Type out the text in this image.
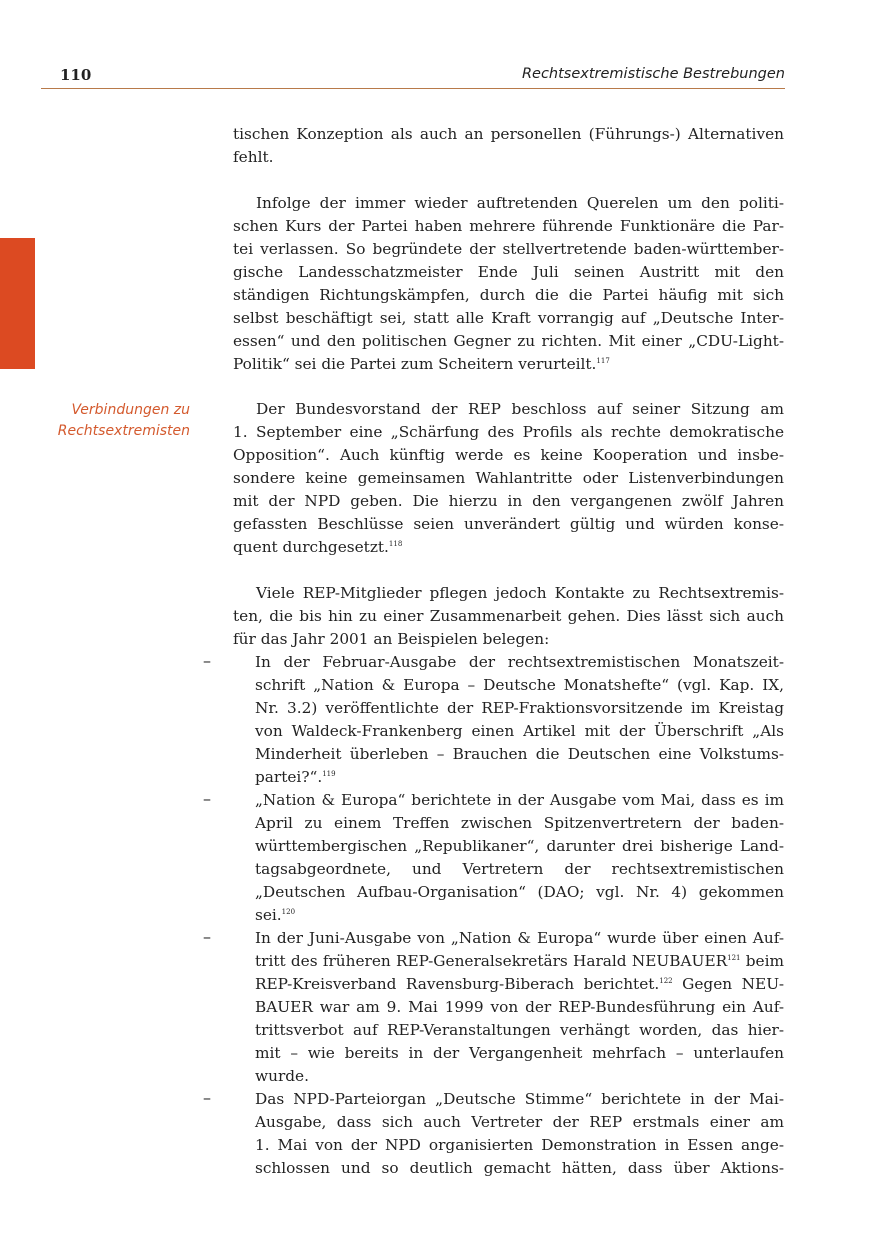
110	Rechtsextremistische Bestrebungen
Verbindungen zu
Rechtsextremisten
tischen Konzeption als auch an personellen (Führungs-) Alternativen
fehlt.
Infolge der immer wieder auftretenden Querelen um den politi-
schen Kurs der Partei haben mehrere führende Funktionäre die Par-
tei verlassen. So begründete der stellvertretende baden-württember-
gische Landesschatzmeister Ende Juli seinen Austritt mit den
ständigen Richtungskämpfen, durch die die Partei häufig mit sich
selbst beschäftigt sei, statt alle Kraft vorrangig auf „Deutsche Inter-
essen“ und den politischen Gegner zu richten. Mit einer „CDU-Light-
Politik“ sei die Partei zum Scheitern verurteilt.$^{117}$
Der Bundesvorstand der REP beschloss auf seiner Sitzung am
1. September eine „Schärfung des Profils als rechte demokratische
Opposition“. Auch künftig werde es keine Kooperation und insbe-
sondere keine gemeinsamen Wahlantritte oder Listenverbindungen
mit der NPD geben. Die hierzu in den vergangenen zwölf Jahren
gefassten Beschlüsse seien unverändert gültig und würden konse-
quent durchgesetzt.$^{118}$
Viele REP-Mitglieder pflegen jedoch Kontakte zu Rechtsextremis-
ten, die bis hin zu einer Zusammenarbeit gehen. Dies lässt sich auch
für das Jahr 2001 an Beispielen belegen:
–	In der Februar-Ausgabe der rechtsextremistischen Monatszeit-
schrift „Nation & Europa – Deutsche Monatshefte“ (vgl. Kap. IX,
Nr. 3.2) veröffentlichte der REP-Fraktionsvorsitzende im Kreistag
von Waldeck-Frankenberg einen Artikel mit der Überschrift „Als
Minderheit überleben – Brauchen die Deutschen eine Volkstums-
partei?“.$^{119}$
–	„Nation & Europa“ berichtete in der Ausgabe vom Mai, dass es im
April zu einem Treffen zwischen Spitzenvertretern der baden-
württembergischen „Republikaner“, darunter drei bisherige Land-
tagsabgeordnete, und Vertretern der rechtsextremistischen
„Deutschen Aufbau-Organisation“ (DAO; vgl. Nr. 4) gekommen
sei.$^{120}$
–	In der Juni-Ausgabe von „Nation & Europa“ wurde über einen Auf-
tritt des früheren REP-Generalsekretärs Harald NEUBAUER$^{121}$ beim
REP-Kreisverband Ravensburg-Biberach berichtet.$^{122}$ Gegen NEU-
BAUER war am 9. Mai 1999 von der REP-Bundesführung ein Auf-
trittsverbot auf REP-Veranstaltungen verhängt worden, das hier-
mit – wie bereits in der Vergangenheit mehrfach – unterlaufen
wurde.
–	Das NPD-Parteiorgan „Deutsche Stimme“ berichtete in der Mai-
Ausgabe, dass sich auch Vertreter der REP erstmals einer am
1. Mai von der NPD organisierten Demonstration in Essen ange-
schlossen und so deutlich gemacht hätten, dass über Aktions-
